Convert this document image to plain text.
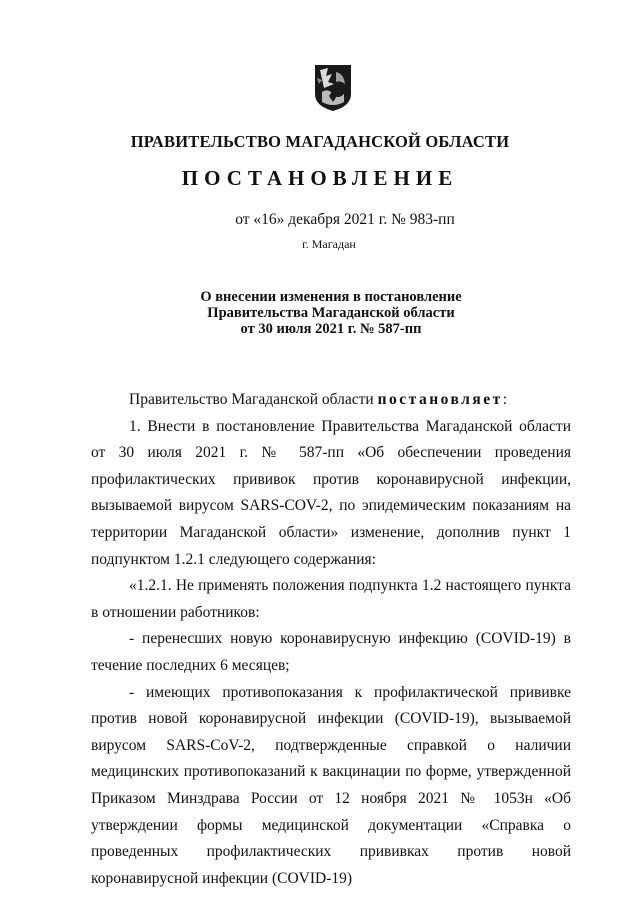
ПРАВИТЕЛЬСТВО МАГАДАНСКОЙ ОБЛАСТИ
ПОСТАНОВЛЕНИЕ
от «16» декабря 2021 г. № 983-пп
г. Магадан
О внесении изменения в постановление
Правительства Магаданской области
от 30 июля 2021 г. № 587-пп

Правительство Магаданской области постановляет:

1. Внести в постановление Правительства Магаданской области от 30 июля 2021 г. № 587-пп «Об обеспечении проведения профилактических прививок против коронавирусной инфекции, вызываемой вирусом SARS-COV-2, по эпидемическим показаниям на территории Магаданской области» изменение, дополнив пункт 1 подпунктом 1.2.1 следующего содержания:

«1.2.1. Не применять положения подпункта 1.2 настоящего пункта в отношении работников:

- перенесших новую коронавирусную инфекцию (COVID-19) в течение последних 6 месяцев;

- имеющих противопоказания к профилактической прививке против новой коронавирусной инфекции (COVID-19), вызываемой вирусом SARS-CoV-2, подтвержденные справкой о наличии медицинских противопоказаний к вакцинации по форме, утвержденной Приказом Минздрава России от 12 ноября 2021 № 1053н «Об утверждении формы медицинской документации «Справка о проведенных профилактических прививках против новой коронавирусной инфекции (COVID-19)
